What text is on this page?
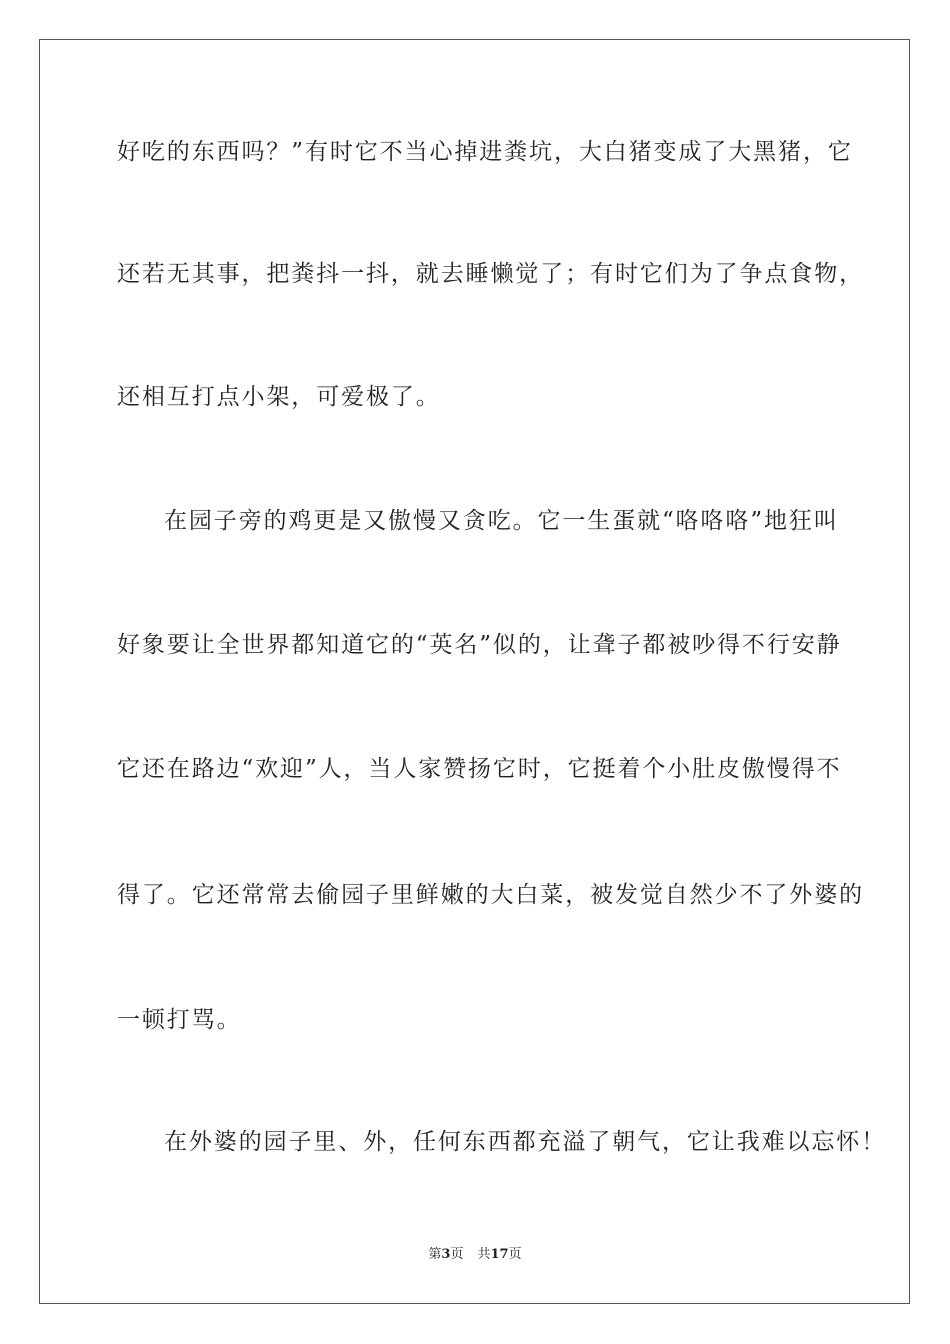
好吃的东西吗？”有时它不当心掉进粪坑，大白猪变成了大黑猪，它
还若无其事，把粪抖一抖，就去睡懒觉了；有时它们为了争点食物，
还相互打点小架，可爱极了。
在园子旁的鸡更是又傲慢又贪吃。它一生蛋就“咯咯咯”地狂叫
好象要让全世界都知道它的“英名”似的，让聋子都被吵得不行安静
它还在路边“欢迎”人，当人家赞扬它时，它挺着个小肚皮傲慢得不
得了。它还常常去偷园子里鲜嫩的大白菜，被发觉自然少不了外婆的
一顿打骂。
在外婆的园子里、外，任何东西都充溢了朝气，它让我难以忘怀！
第3页 共17页
